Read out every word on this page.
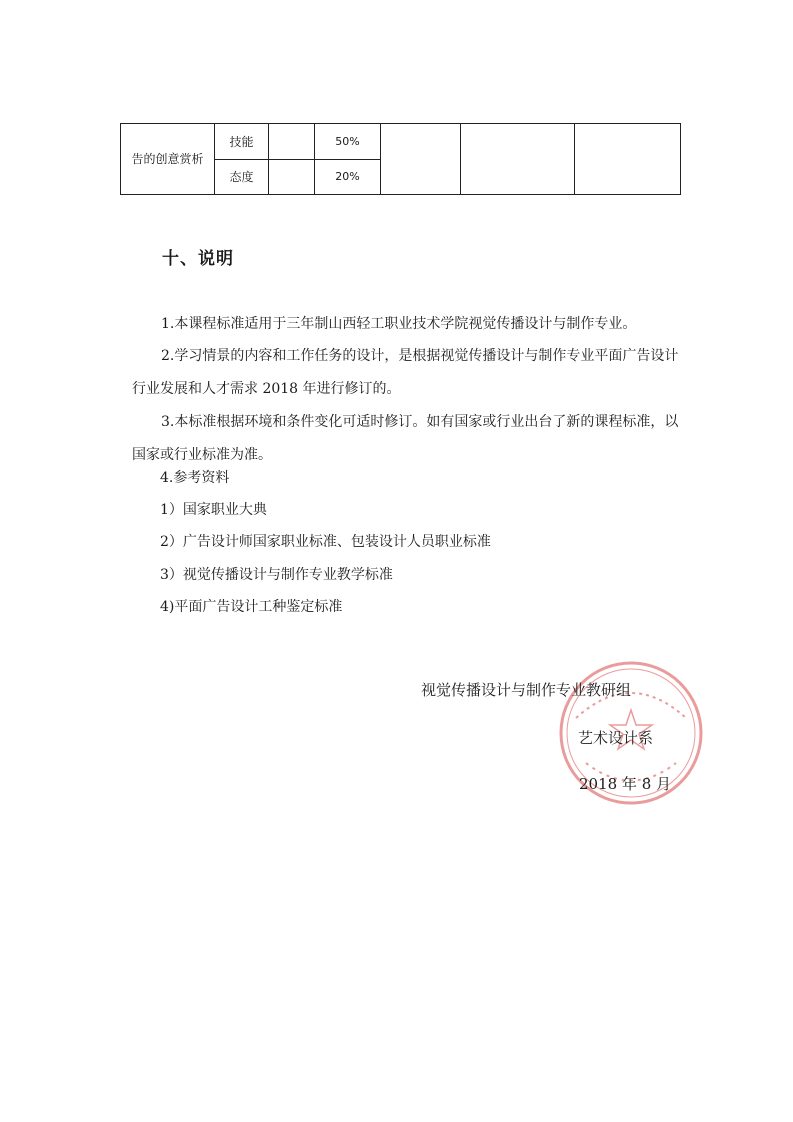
告的创意赏析	技能		50%			
	态度		20%			
十、说明

1.本课程标准适用于三年制山西轻工职业技术学院视觉传播设计与制作专业。

2.学习情景的内容和工作任务的设计，是根据视觉传播设计与制作专业平面广告设计行业发展和人才需求 2018 年进行修订的。

3.本标准根据环境和条件变化可适时修订。如有国家或行业出台了新的课程标准，以国家或行业标准为准。

4.参考资料
1）国家职业大典
2）广告设计师国家职业标准、包装设计人员职业标准
3）视觉传播设计与制作专业教学标准
4)平面广告设计工种鉴定标准
视觉传播设计与制作专业教研组
艺术设计系
2018 年 8 月
